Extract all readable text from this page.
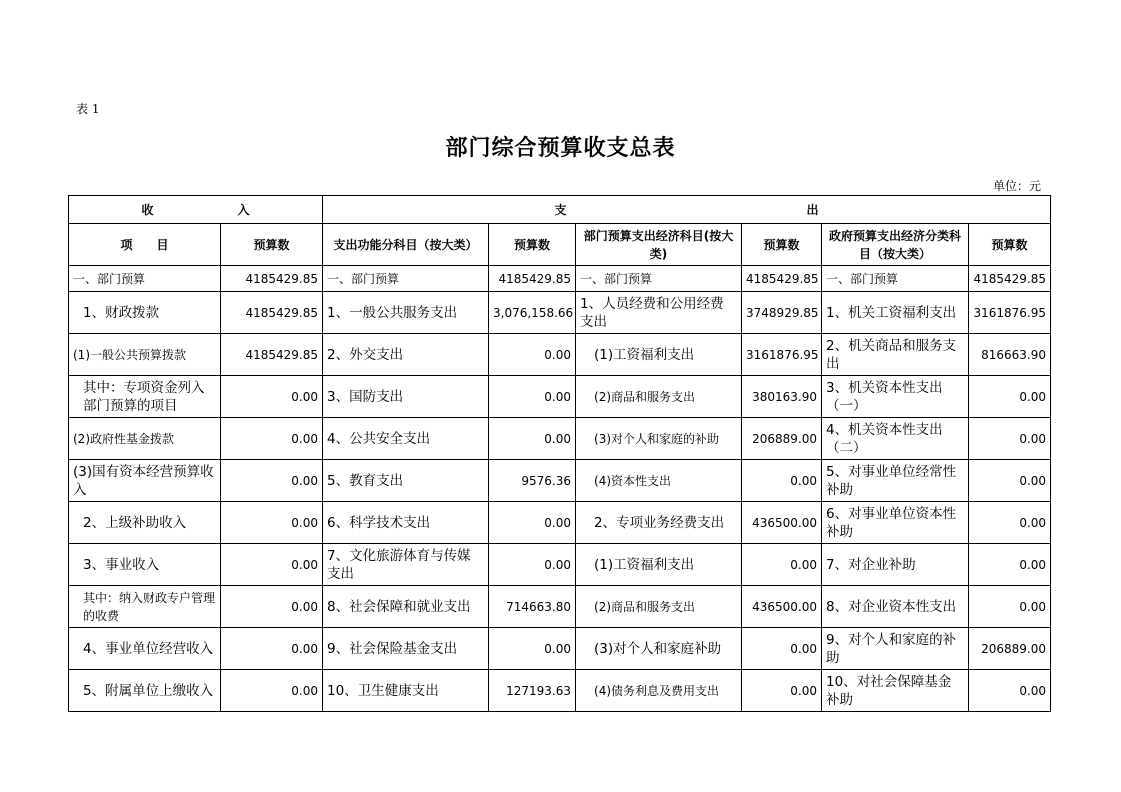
表 1
部门综合预算收支总表
单位：元
收　　　　　　　入		支　　　　　　　　　　　　　　　　　　　　出					
项　　目	预算数	支出功能分科目（按大类）	预算数	部门预算支出经济科目(按大类)	预算数	政府预算支出经济分类科目（按大类）	预算数
一、部门预算	4185429.85	一、部门预算	4185429.85	一、部门预算	4185429.85	一、部门预算	4185429.85
1、财政拨款	4185429.85	1、一般公共服务支出	3,076,158.66	1、人员经费和公用经费支出	3748929.85	1、机关工资福利支出	3161876.95
(1)一般公共预算拨款	4185429.85	2、外交支出	0.00	(1)工资福利支出	3161876.95	2、机关商品和服务支出	816663.90
其中：专项资金列入部门预算的项目	0.00	3、国防支出	0.00	(2)商品和服务支出	380163.90	3、机关资本性支出（一）	0.00
(2)政府性基金拨款	0.00	4、公共安全支出	0.00	(3)对个人和家庭的补助	206889.00	4、机关资本性支出（二）	0.00
(3)国有资本经营预算收入	0.00	5、教育支出	9576.36	(4)资本性支出	0.00	5、对事业单位经常性补助	0.00
2、上级补助收入	0.00	6、科学技术支出	0.00	2、专项业务经费支出	436500.00	6、对事业单位资本性补助	0.00
3、事业收入	0.00	7、文化旅游体育与传媒支出	0.00	(1)工资福利支出	0.00	7、对企业补助	0.00
其中：纳入财政专户管理的收费	0.00	8、社会保障和就业支出	714663.80	(2)商品和服务支出	436500.00	8、对企业资本性支出	0.00
4、事业单位经营收入	0.00	9、社会保险基金支出	0.00	(3)对个人和家庭补助	0.00	9、对个人和家庭的补助	206889.00
5、附属单位上缴收入	0.00	10、卫生健康支出	127193.63	(4)债务利息及费用支出	0.00	10、对社会保障基金补助	0.00
